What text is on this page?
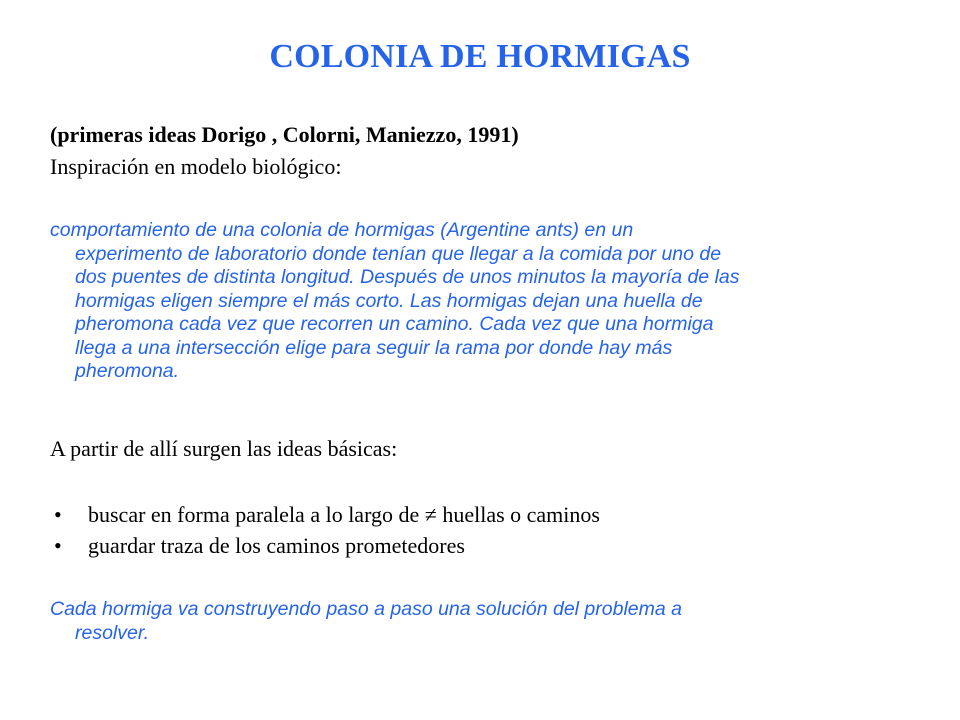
COLONIA DE HORMIGAS
(primeras ideas Dorigo , Colorni, Maniezzo, 1991)
Inspiración en modelo biológico:
comportamiento de una colonia de hormigas (Argentine ants) en un
experimento de laboratorio donde tenían que llegar a la comida por uno de
dos puentes de distinta longitud. Después de unos minutos la mayoría de las
hormigas eligen siempre el más corto. Las hormigas dejan una huella de
pheromona cada vez que recorren un camino. Cada vez que una hormiga
llega a una intersección elige para seguir la rama por donde hay más
pheromona.
A partir de allí surgen las ideas básicas:
• buscar en forma paralela a lo largo de ≠ huellas o caminos
• guardar traza de los caminos prometedores
Cada hormiga va construyendo paso a paso una solución del problema a
resolver.
